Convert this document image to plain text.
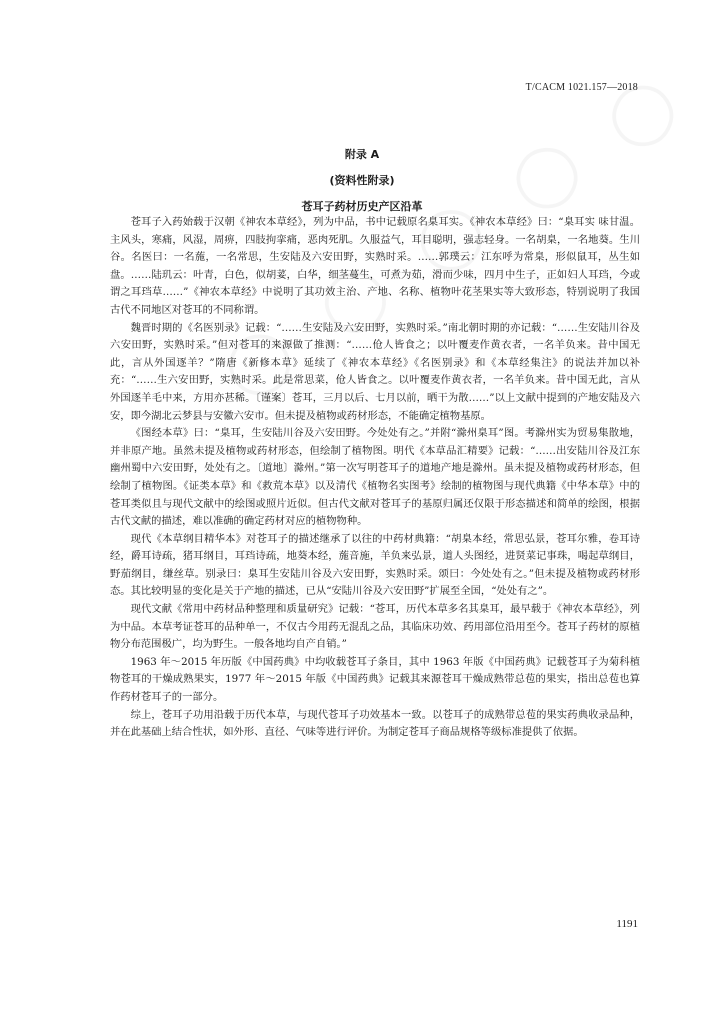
T/CACM 1021.157—2018
附录 A
(资料性附录)
苍耳子药材历史产区沿革

苍耳子入药始载于汉朝《神农本草经》，列为中品，书中记载原名臬耳实。《神农本草经》曰：“臬耳实 味甘温。主风头，寒痛，风湿，周痹，四肢拘挛痛，恶肉死肌。久服益气，耳目聪明，强志轻身。一名胡臬，一名地葵。生川谷。名医曰：一名葹，一名常思，生安陆及六安田野，实熟时采。……郭璞云：江东呼为常臬，形似鼠耳，丛生如盘。……陆玑云：叶青，白色，似胡荽，白华，细茎蔓生，可煮为茹，滑而少味，四月中生子，正如妇人耳珰，今或谓之耳珰草……”《神农本草经》中说明了其功效主治、产地、名称、植物叶花茎果实等大致形态，特别说明了我国古代不同地区对苍耳的不同称谓。

魏晋时期的《名医别录》记载：“……生安陆及六安田野，实熟时采。”南北朝时期的亦记载：“……生安陆川谷及六安田野，实熟时采。”但对苍耳的来源做了推测：“……伧人皆食之；以叶覆麦作黄衣者，一名羊负来。昔中国无此，言从外国逐羊？”隋唐《新修本草》延续了《神农本草经》《名医别录》和《本草经集注》的说法并加以补充：“……生六安田野，实熟时采。此是常思菜，伧人皆食之。以叶覆麦作黄衣者，一名羊负来。昔中国无此，言从外国逐羊毛中来，方用亦甚稀。〔谨案〕苍耳，三月以后、七月以前，晒干为散……”以上文献中提到的产地安陆及六安，即今湖北云梦县与安徽六安市。但未提及植物或药材形态，不能确定植物基原。

《图经本草》曰：“臬耳，生安陆川谷及六安田野。今处处有之。”并附“滁州臬耳”图。考滁州实为贸易集散地，并非原产地。虽然未提及植物或药材形态，但绘制了植物图。明代《本草品汇精要》记载：“……出安陆川谷及江东幽州蜀中六安田野，处处有之。〔道地〕滁州。”第一次写明苍耳子的道地产地是滁州。虽未提及植物或药材形态，但绘制了植物图。《证类本草》和《救荒本草》以及清代《植物名实图考》绘制的植物图与现代典籍《中华本草》中的苍耳类似且与现代文献中的绘图或照片近似。但古代文献对苍耳子的基原归属还仅限于形态描述和简单的绘图，根据古代文献的描述，难以准确的确定药材对应的植物物种。

现代《本草纲目精华本》对苍耳子的描述继承了以往的中药材典籍：“胡臬本经，常思弘景，苍耳尔雅，卷耳诗经，爵耳诗疏，猪耳纲目，耳珰诗疏，地葵本经，葹音施，羊负来弘景，道人头图经，进贤菜记事珠，喝起草纲目，野茄纲目，缣丝草。别录曰：臬耳生安陆川谷及六安田野，实熟时采。颂曰：今处处有之。”但未提及植物或药材形态。其比较明显的变化是关于产地的描述，已从“安陆川谷及六安田野”扩展至全国，“处处有之”。

现代文献《常用中药材品种整理和质量研究》记载：“苍耳，历代本草多名其臬耳，最早载于《神农本草经》，列为中品。本草考证苍耳的品种单一，不仅古今用药无混乱之品，其临床功效、药用部位沿用至今。苍耳子药材的原植物分布范围极广，均为野生。一般各地均自产自销。”

1963 年～2015 年历版《中国药典》中均收载苍耳子条目，其中 1963 年版《中国药典》记载苍耳子为菊科植物苍耳的干燥成熟果实，1977 年～2015 年版《中国药典》记载其来源苍耳干燥成熟带总苞的果实，指出总苞也算作药材苍耳子的一部分。

综上，苍耳子功用沿载于历代本草，与现代苍耳子功效基本一致。以苍耳子的成熟带总苞的果实药典收录品种，并在此基础上结合性状，如外形、直径、气味等进行评价。为制定苍耳子商品规格等级标准提供了依据。

1191
